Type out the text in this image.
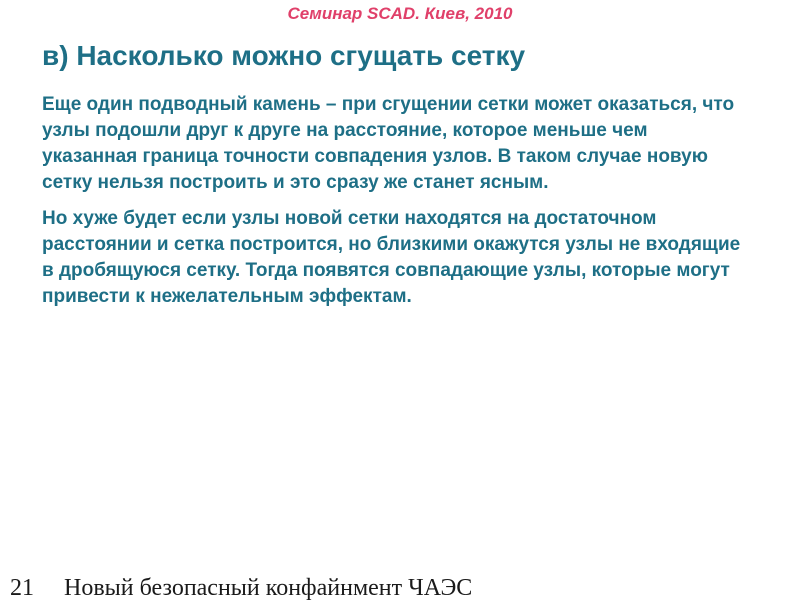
Семинар SCAD. Киев, 2010
в) Насколько можно сгущать сетку

Еще один подводный камень – при сгущении сетки может оказаться, что узлы подошли друг к друге на расстояние, которое меньше чем указанная граница точности совпадения узлов. В таком случае новую сетку нельзя построить и это сразу же станет ясным.

Но хуже будет если узлы новой сетки находятся на достаточном расстоянии и сетка построится, но близкими окажутся узлы не входящие в дробящуюся сетку. Тогда появятся совпадающие узлы, которые могут привести к нежелательным эффектам.

21 Новый безопасный конфайнмент ЧАЭС
